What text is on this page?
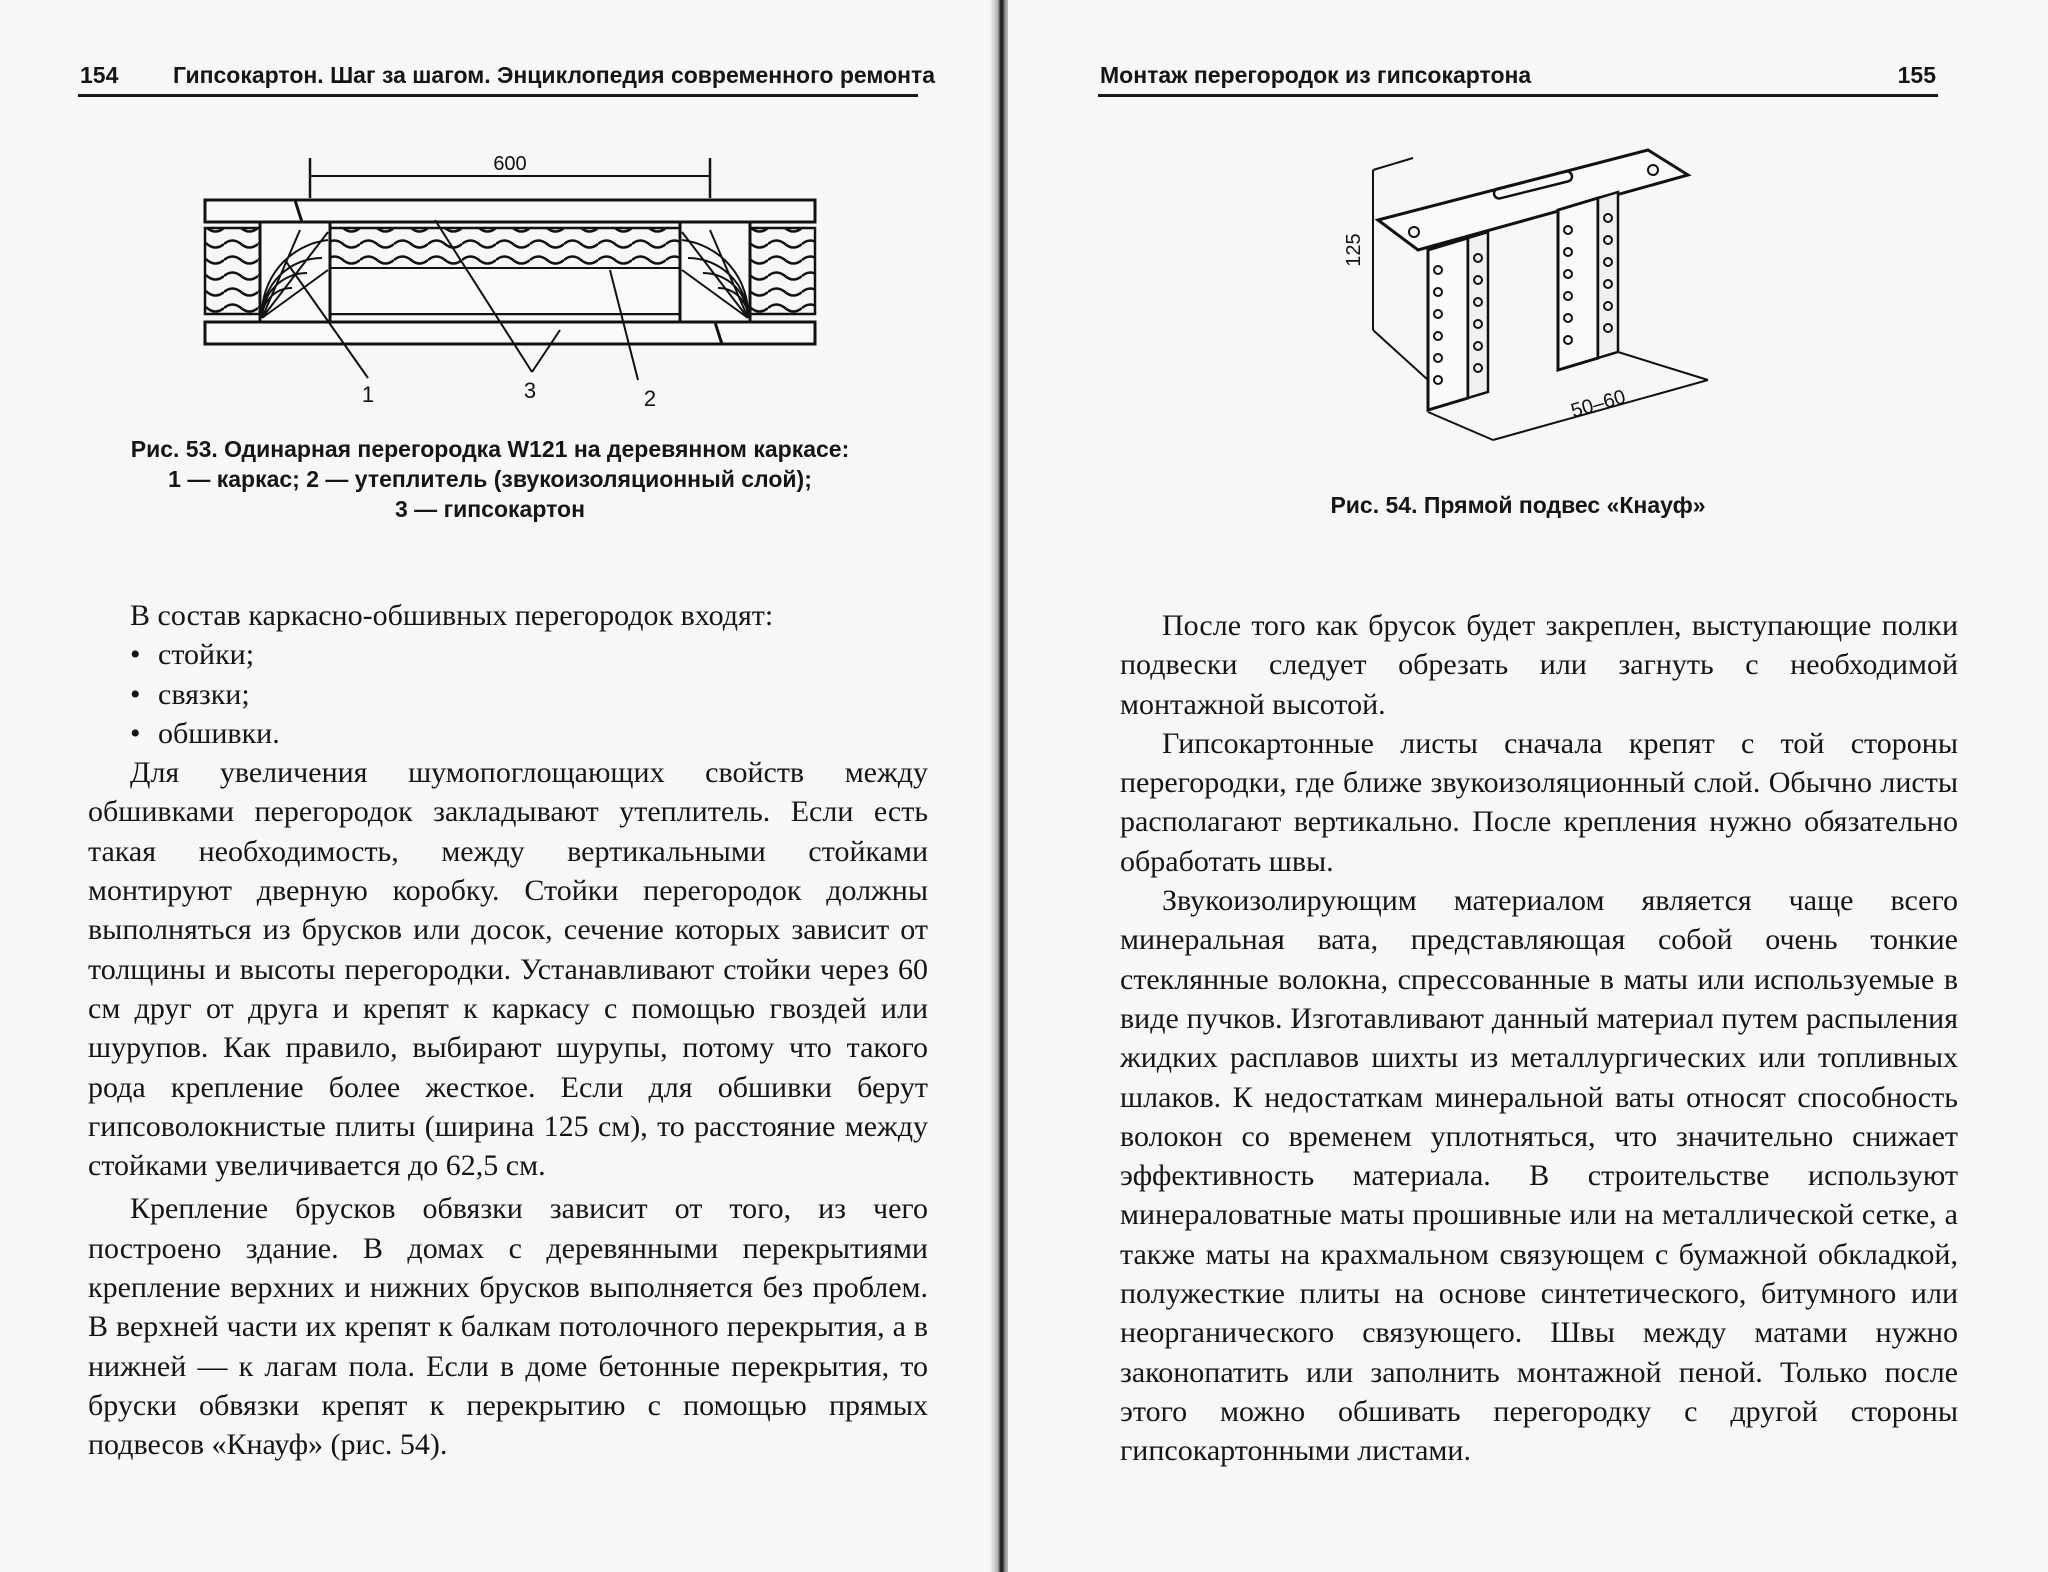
154 Гипсокартон. Шаг за шагом. Энциклопедия современного ремонта
600
1	3	2
Рис. 53. Одинарная перегородка W121 на деревянном каркасе:
1 — каркас; 2 — утеплитель (звукоизоляционный слой);
3 — гипсокартон

В состав каркасно-обшивных перегородок входят:

• стойки;
• связки;
• обшивки.

Для увеличения шумопоглощающих свойств между обшивками перегородок закладывают утеплитель. Если есть такая необходимость, между вертикальными стойками монтируют дверную коробку. Стойки перегородок должны выполняться из брусков или досок, сечение которых зависит от толщины и высоты перегородки. Устанавливают стойки через 60 см друг от друга и крепят к каркасу с помощью гвоздей или шурупов. Как правило, выбирают шурупы, потому что такого рода крепление более жесткое. Если для обшивки берут гипсоволокнистые плиты (ширина 125 см), то расстояние между стойками увеличивается до 62,5 см.

Крепление брусков обвязки зависит от того, из чего построено здание. В домах с деревянными перекрытиями крепление верхних и нижних брусков выполняется без проблем. В верхней части их крепят к балкам потолочного перекрытия, а в нижней — к лагам пола. Если в доме бетонные перекрытия, то бруски обвязки крепят к перекрытию с помощью прямых подвесов «Кнауф» (рис. 54).

Монтаж перегородок из гипсокартона	155
125
50–60
Рис. 54. Прямой подвес «Кнауф»

После того как брусок будет закреплен, выступающие полки подвески следует обрезать или загнуть с необходимой монтажной высотой.

Гипсокартонные листы сначала крепят с той стороны перегородки, где ближе звукоизоляционный слой. Обычно листы располагают вертикально. После крепления нужно обязательно обработать швы.

Звукоизолирующим материалом является чаще всего минеральная вата, представляющая собой очень тонкие стеклянные волокна, спрессованные в маты или используемые в виде пучков. Изготавливают данный материал путем распыления жидких расплавов шихты из металлургических или топливных шлаков. К недостаткам минеральной ваты относят способность волокон со временем уплотняться, что значительно снижает эффективность материала. В строительстве используют минераловатные маты прошивные или на металлической сетке, а также маты на крахмальном связующем с бумажной обкладкой, полужесткие плиты на основе синтетического, битумного или неорганического связующего. Швы между матами нужно законопатить или заполнить монтажной пеной. Только после этого можно обшивать перегородку с другой стороны гипсокартонными листами.
